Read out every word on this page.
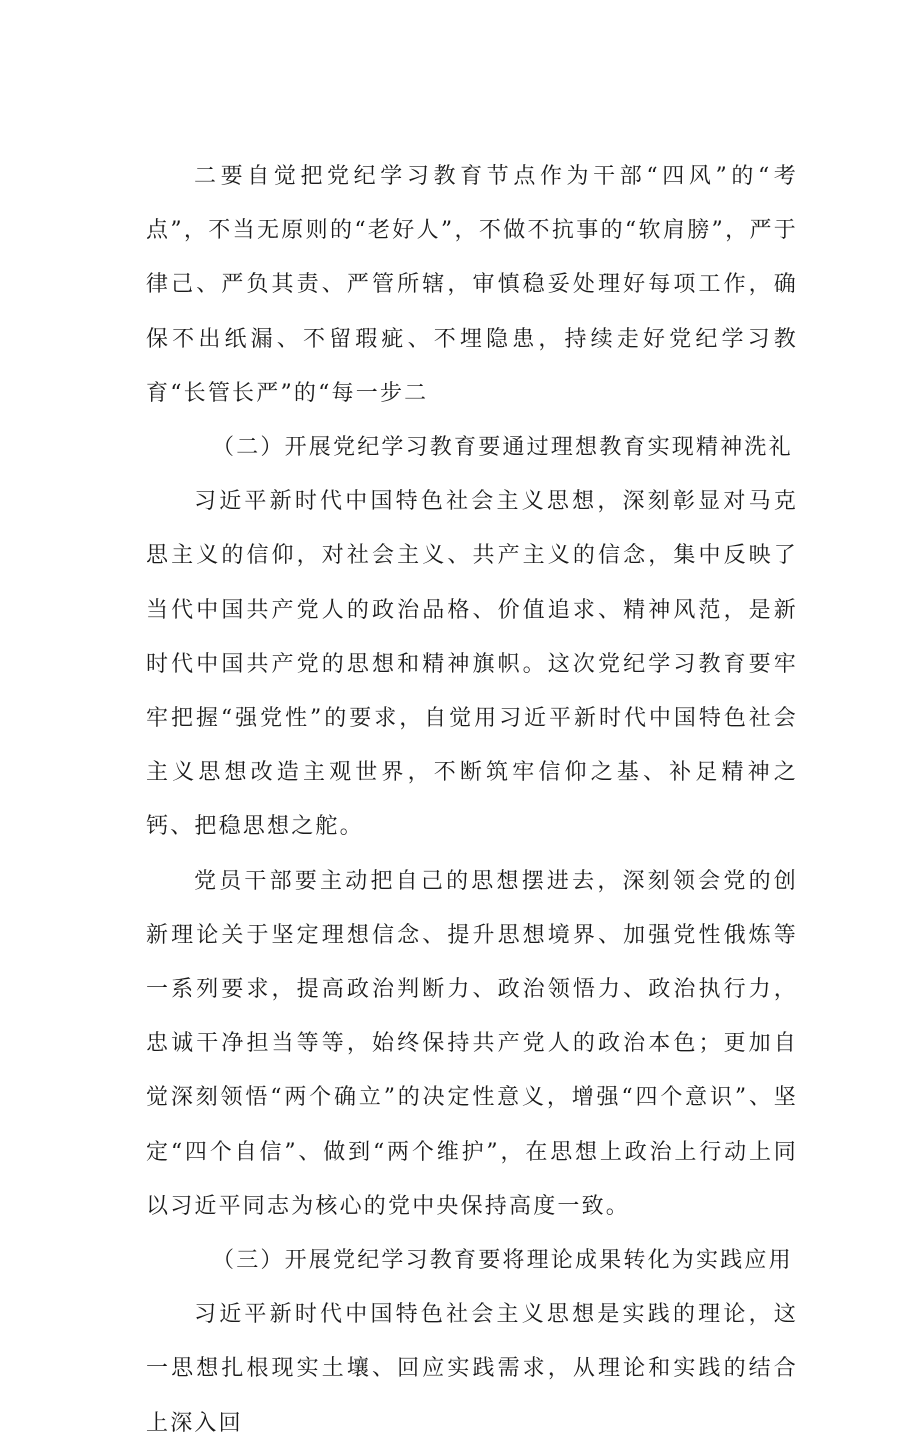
二要自觉把党纪学习教育节点作为干部“四风”的“考点”，不当无原则的“老好人”，不做不抗事的“软肩膀”，严于律己、严负其责、严管所辖，审慎稳妥处理好每项工作，确保不出纸漏、不留瑕疵、不埋隐患，持续走好党纪学习教育“长管长严”的“每一步二

（二）开展党纪学习教育要通过理想教育实现精神洗礼

习近平新时代中国特色社会主义思想，深刻彰显对马克思主义的信仰，对社会主义、共产主义的信念，集中反映了当代中国共产党人的政治品格、价值追求、精神风范，是新时代中国共产党的思想和精神旗帜。这次党纪学习教育要牢牢把握“强党性”的要求，自觉用习近平新时代中国特色社会主义思想改造主观世界，不断筑牢信仰之基、补足精神之钙、把稳思想之舵。

党员干部要主动把自己的思想摆进去，深刻领会党的创新理论关于坚定理想信念、提升思想境界、加强党性俄炼等一系列要求，提高政治判断力、政治领悟力、政治执行力，忠诚干净担当等等，始终保持共产党人的政治本色；更加自觉深刻领悟“两个确立”的决定性意义，增强“四个意识”、坚定“四个自信”、做到“两个维护”，在思想上政治上行动上同以习近平同志为核心的党中央保持高度一致。

（三）开展党纪学习教育要将理论成果转化为实践应用

习近平新时代中国特色社会主义思想是实践的理论，这一思想扎根现实土壤、回应实践需求，从理论和实践的结合上深入回
